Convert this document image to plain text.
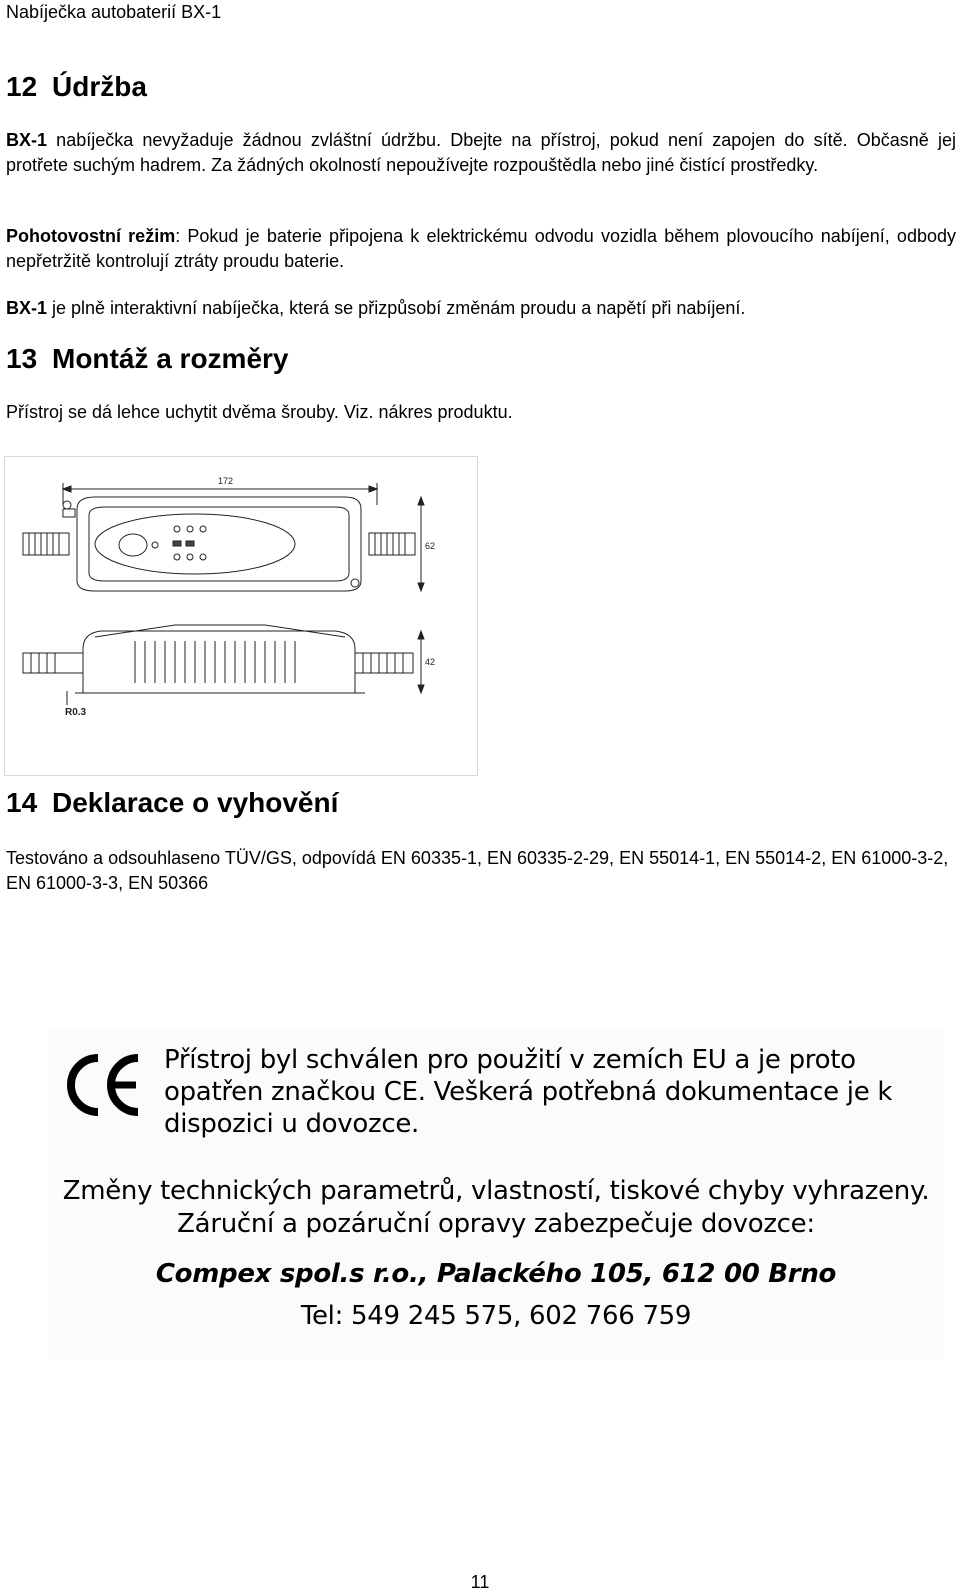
Nabíječka autobaterií BX-1
12 Údržba
BX-1 nabíječka nevyžaduje žádnou zvláštní údržbu. Dbejte na přístroj, pokud není zapojen do sítě. Občasně jej protřete suchým hadrem. Za žádných okolností nepoužívejte rozpouštědla nebo jiné čistící prostředky.
Pohotovostní režim: Pokud je baterie připojena k elektrickému odvodu vozidla během plovoucího nabíjení, odbody nepřetržitě kontrolují ztráty proudu baterie.
BX-1 je plně interaktivní nabíječka, která se přizpůsobí změnám proudu a napětí při nabíjení.
13 Montáž a rozměry
Přístroj se dá lehce uchytit dvěma šrouby. Viz. nákres produktu.
172
62
42
R0.3
14 Deklarace o vyhovění
Testováno a odsouhlaseno TÜV/GS, odpovídá EN 60335-1, EN 60335-2-29, EN 55014-1, EN 55014-2, EN 61000-3-2, EN 61000-3-3, EN 50366
Přístroj byl schválen pro použití v zemích EU a je proto opatřen značkou CE. Veškerá potřebná dokumentace je k dispozici u dovozce.
Změny technických parametrů, vlastností, tiskové chyby vyhrazeny.
Záruční a pozáruční opravy zabezpečuje dovozce:
Compex spol.s r.o., Palackého 105, 612 00 Brno
Tel: 549 245 575, 602 766 759
11
